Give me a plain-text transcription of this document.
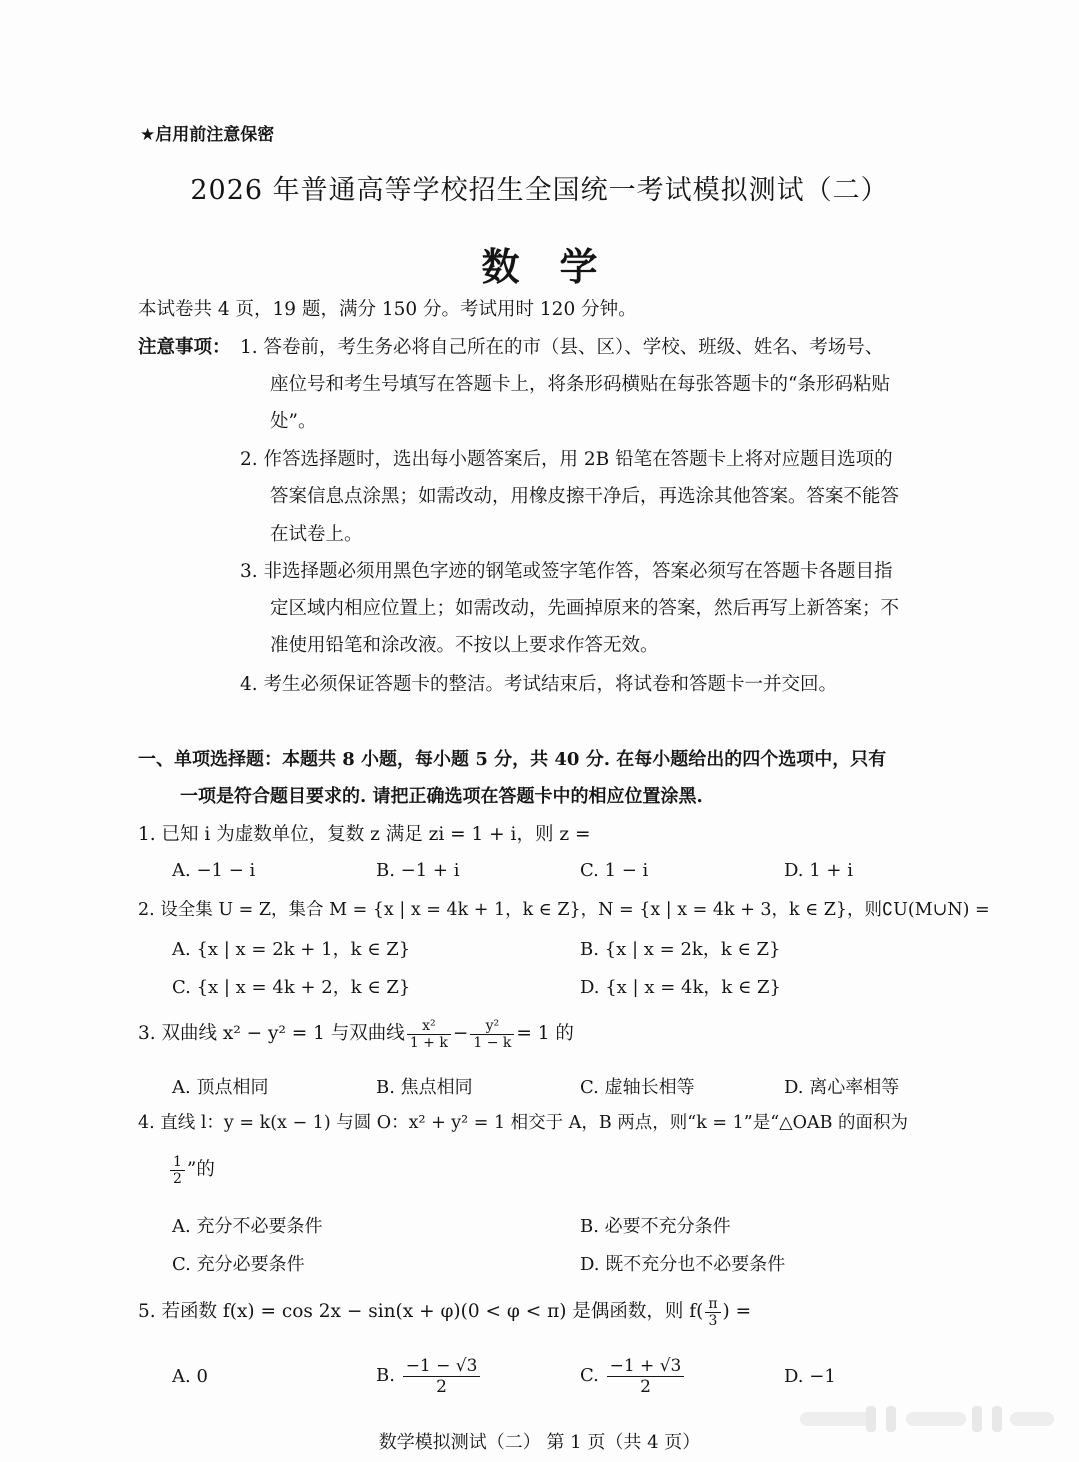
★启用前注意保密
2026 年普通高等学校招生全国统一考试模拟测试（二）
数学
本试卷共 4 页，19 题，满分 150 分。考试用时 120 分钟。
注意事项： 1. 答卷前，考生务必将自己所在的市（县、区）、学校、班级、姓名、考场号、
座位号和考生号填写在答题卡上，将条形码横贴在每张答题卡的“条形码粘贴
处”。
2. 作答选择题时，选出每小题答案后，用 2B 铅笔在答题卡上将对应题目选项的
答案信息点涂黑；如需改动，用橡皮擦干净后，再选涂其他答案。答案不能答
在试卷上。
3. 非选择题必须用黑色字迹的钢笔或签字笔作答，答案必须写在答题卡各题目指
定区域内相应位置上；如需改动，先画掉原来的答案，然后再写上新答案；不
准使用铅笔和涂改液。不按以上要求作答无效。
4. 考生必须保证答题卡的整洁。考试结束后，将试卷和答题卡一并交回。
一、单项选择题：本题共 8 小题，每小题 5 分，共 40 分. 在每小题给出的四个选项中，只有
一项是符合题目要求的. 请把正确选项在答题卡中的相应位置涂黑.
1. 已知 i 为虚数单位，复数 z 满足 zi = 1 + i，则 z =
A. −1 − i	B. −1 + i	C. 1 − i	D. 1 + i
2. 设全集 U = Z，集合 M = {x | x = 4k + 1，k ∈ Z}，N = {x | x = 4k + 3，k ∈ Z}，则∁U(M∪N) =
A. {x | x = 2k + 1，k ∈ Z}	B. {x | x = 2k，k ∈ Z}
C. {x | x = 4k + 2，k ∈ Z}	D. {x | x = 4k，k ∈ Z}
3. 双曲线 x² − y² = 1 与双曲线 $\frac{\text{x²}}{1 + k} - \frac{\text{y²}}{1 - k} = 1$ 的
A. 顶点相同	B. 焦点相同	C. 虚轴长相等	D. 离心率相等
4. 直线 l：y = k(x − 1) 与圆 O：x² + y² = 1 相交于 A，B 两点，则“k = 1”是“△OAB 的面积为
$\frac{1}{2}$ ”的
A. 充分不必要条件	B. 必要不充分条件
C. 充分必要条件	D. 既不充分也不必要条件
5. 若函数 f(x) = cos 2x − sin(x + φ)(0 < φ < π) 是偶函数，则 $f( \frac{\pi}{3}$ ) =
A. 0	B. $\frac{-1 - √3}{2}$	C. $\frac{-1 + √3}{2}$	D. −1
数学模拟测试（二） 第 1 页（共 4 页）
